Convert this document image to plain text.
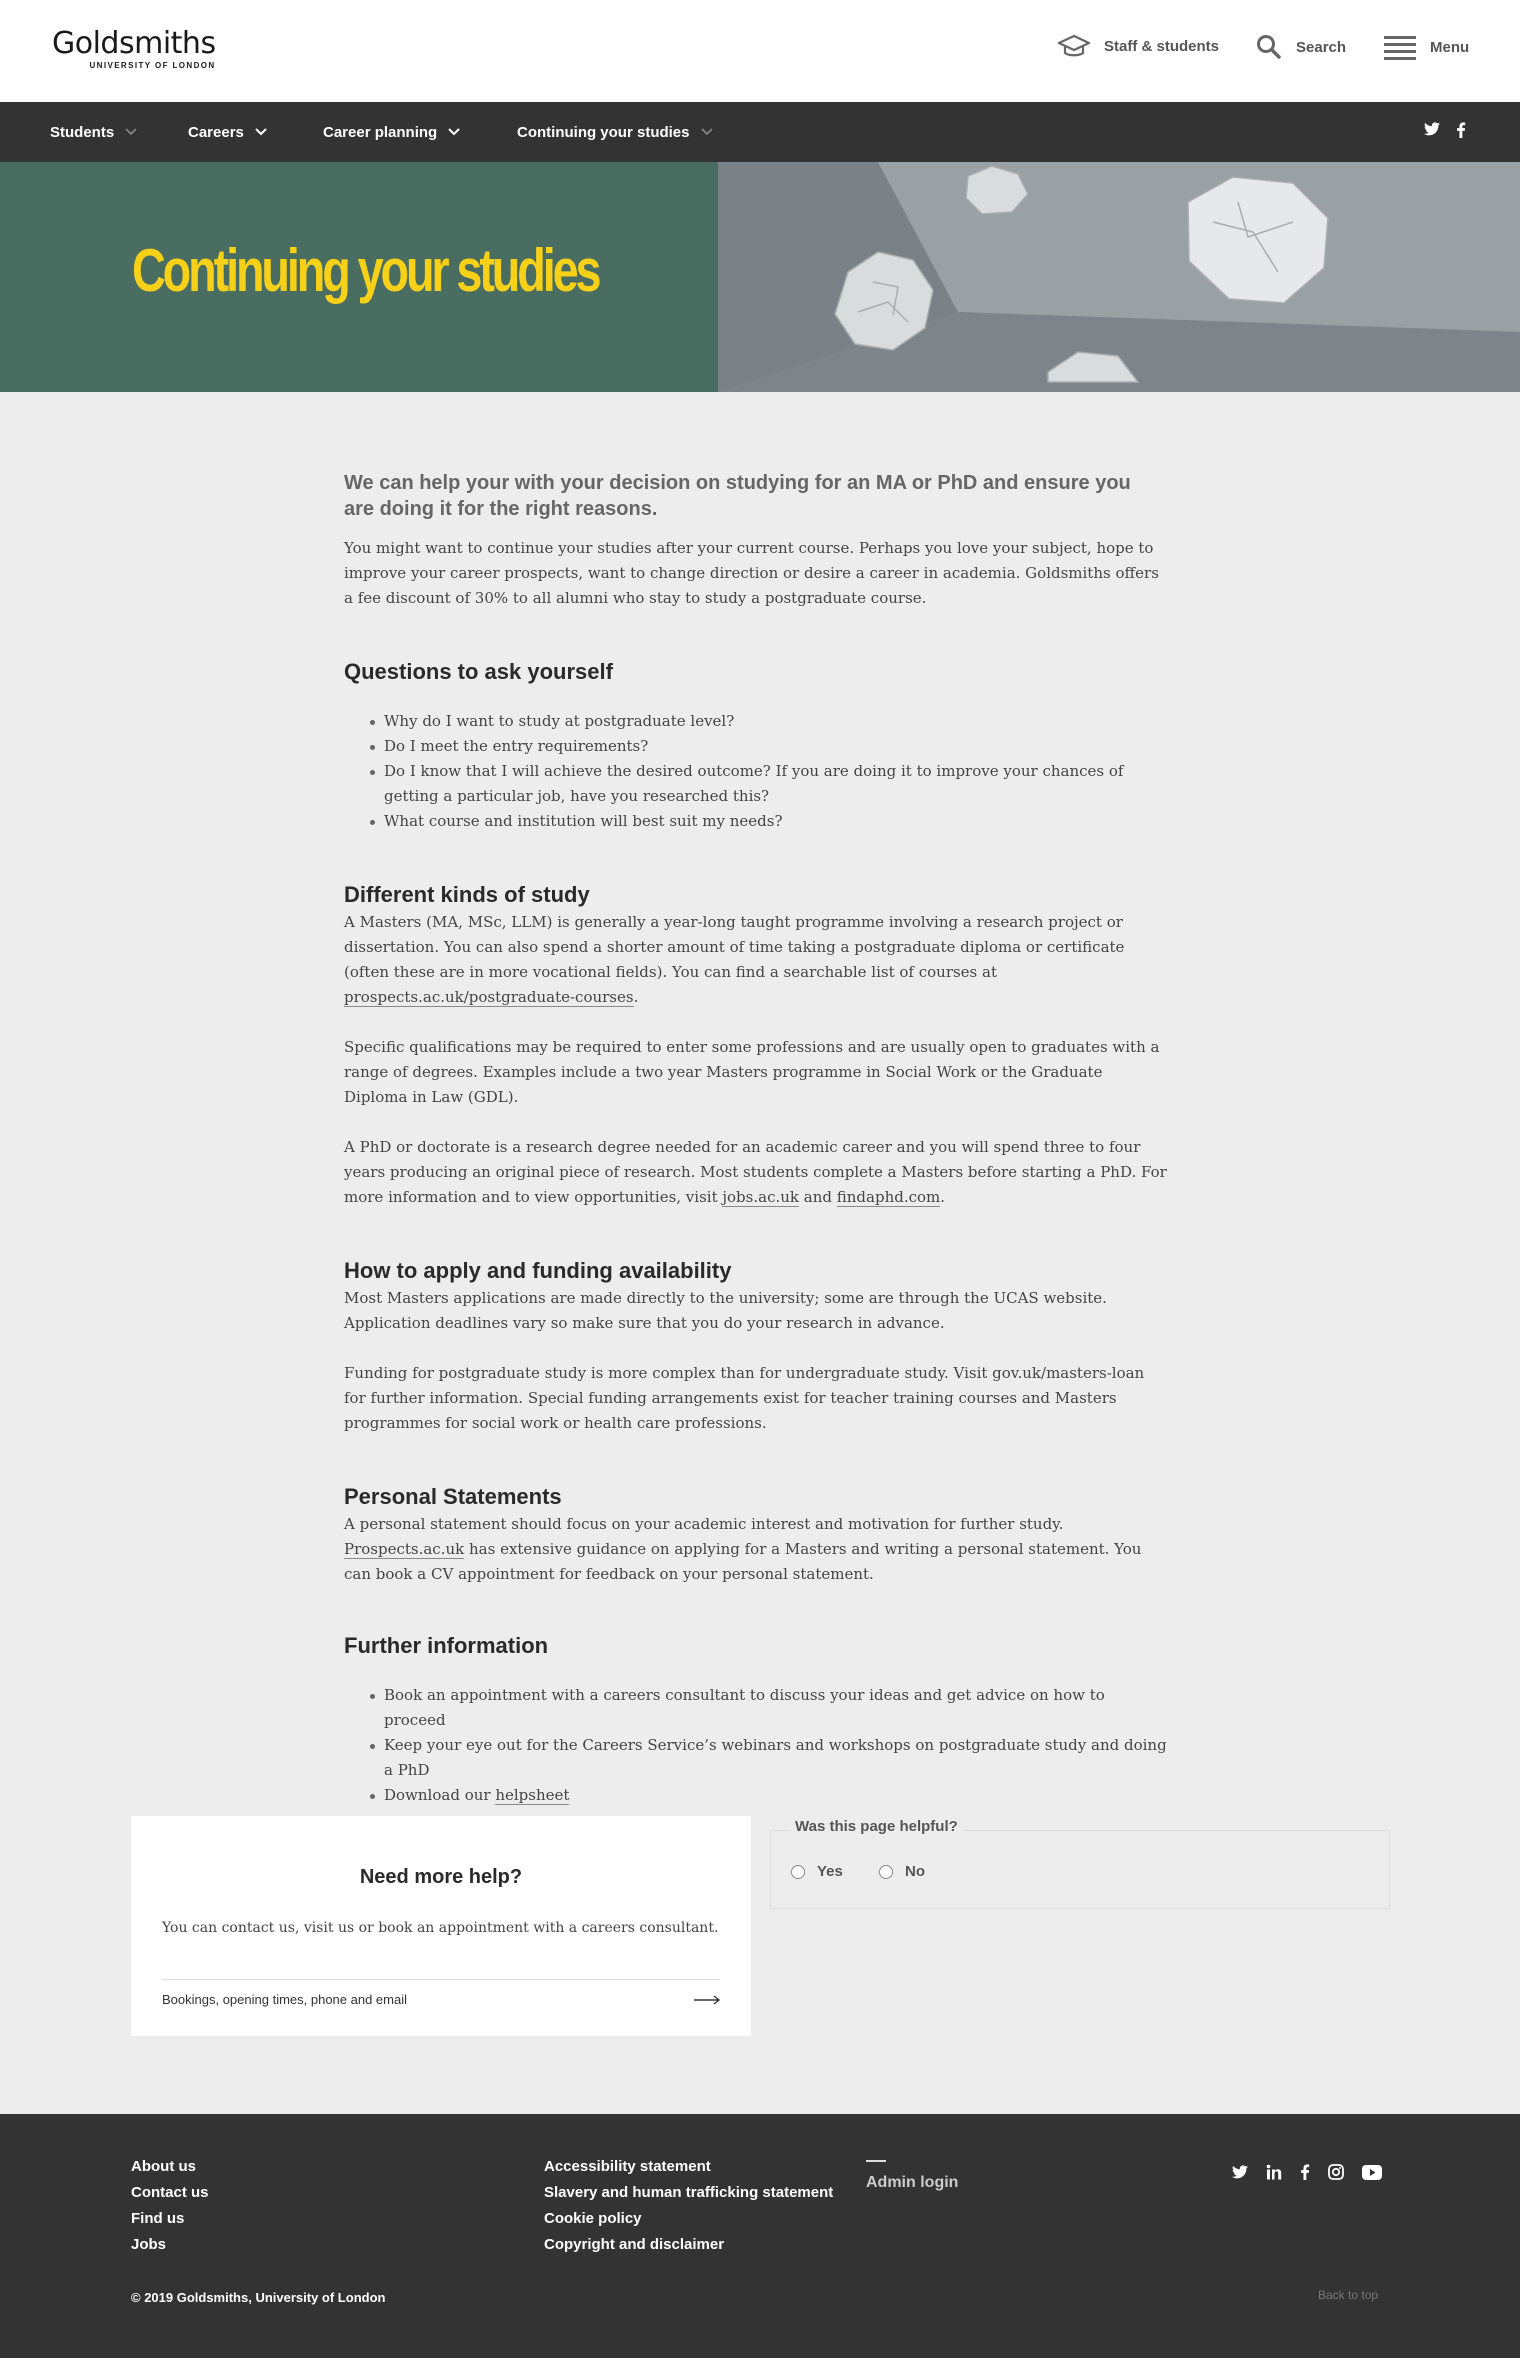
Goldsmiths
UNIVERSITY OF LONDON
Staff & students	Search	Menu
Students	Careers	Career planning	Continuing your studies
Continuing your studies
We can help your with your decision on studying for an MA or PhD and ensure you are doing it for the right reasons.
You might want to continue your studies after your current course. Perhaps you love your subject, hope to improve your career prospects, want to change direction or desire a career in academia. Goldsmiths offers a fee discount of 30% to all alumni who stay to study a postgraduate course.
Questions to ask yourself
Why do I want to study at postgraduate level?
Do I meet the entry requirements?
Do I know that I will achieve the desired outcome? If you are doing it to improve your chances of getting a particular job, have you researched this?
What course and institution will best suit my needs?
Different kinds of study
A Masters (MA, MSc, LLM) is generally a year-long taught programme involving a research project or dissertation. You can also spend a shorter amount of time taking a postgraduate diploma or certificate (often these are in more vocational fields). You can find a searchable list of courses at prospects.ac.uk/postgraduate-courses.
Specific qualifications may be required to enter some professions and are usually open to graduates with a range of degrees. Examples include a two year Masters programme in Social Work or the Graduate Diploma in Law (GDL).
A PhD or doctorate is a research degree needed for an academic career and you will spend three to four years producing an original piece of research. Most students complete a Masters before starting a PhD. For more information and to view opportunities, visit jobs.ac.uk and findaphd.com.
How to apply and funding availability
Most Masters applications are made directly to the university; some are through the UCAS website. Application deadlines vary so make sure that you do your research in advance.
Funding for postgraduate study is more complex than for undergraduate study. Visit gov.uk/masters-loan for further information. Special funding arrangements exist for teacher training courses and Masters programmes for social work or health care professions.
Personal Statements
A personal statement should focus on your academic interest and motivation for further study. Prospects.ac.uk has extensive guidance on applying for a Masters and writing a personal statement. You can book a CV appointment for feedback on your personal statement.
Further information
Book an appointment with a careers consultant to discuss your ideas and get advice on how to proceed
Keep your eye out for the Careers Service’s webinars and workshops on postgraduate study and doing a PhD
Download our helpsheet
Need more help?
You can contact us, visit us or book an appointment with a careers consultant.
Bookings, opening times, phone and email
Was this page helpful?
Yes	No
About us
Contact us
Find us
Jobs
Accessibility statement
Slavery and human trafficking statement
Cookie policy
Copyright and disclaimer
Admin login
© 2019 Goldsmiths, University of London	Back to top
